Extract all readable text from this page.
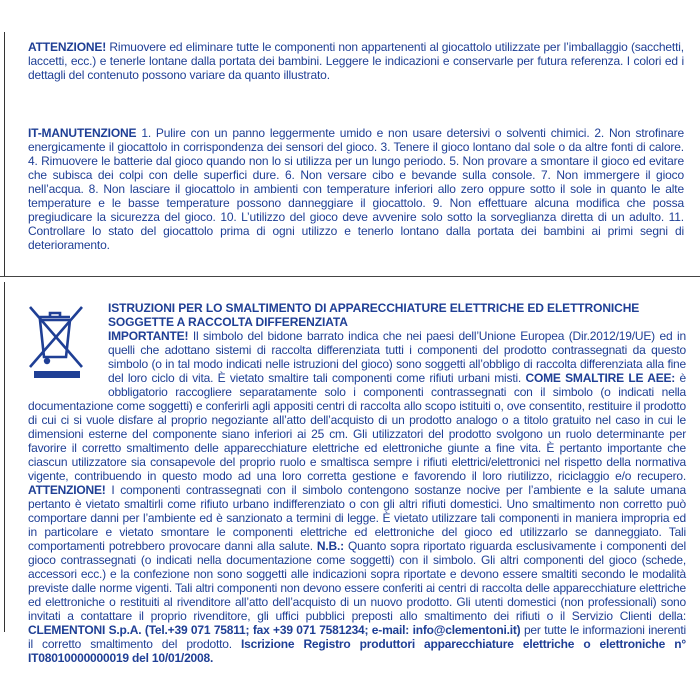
ATTENZIONE! Rimuovere ed eliminare tutte le componenti non appartenenti al giocattolo utilizzate per l’imballaggio (sacchetti, laccetti, ecc.) e tenerle lontane dalla portata dei bambini. Leggere le indicazioni e conservarle per futura referenza. I colori ed i dettagli del contenuto possono variare da quanto illustrato.
IT-MANUTENZIONE 1. Pulire con un panno leggermente umido e non usare detersivi o solventi chimici. 2. Non strofinare energicamente il giocattolo in corrispondenza dei sensori del gioco. 3. Tenere il gioco lontano dal sole o da altre fonti di calore. 4. Rimuovere le batterie dal gioco quando non lo si utilizza per un lungo periodo. 5. Non provare a smontare il gioco ed evitare che subisca dei colpi con delle superfici dure. 6. Non versare cibo e bevande sulla console. 7. Non immergere il gioco nell’acqua. 8. Non lasciare il giocattolo in ambienti con temperature inferiori allo zero oppure sotto il sole in quanto le alte temperature e le basse temperature possono danneggiare il giocattolo. 9. Non effettuare alcuna modifica che possa pregiudicare la sicurezza del gioco. 10. L’utilizzo del gioco deve avvenire solo sotto la sorveglianza diretta di un adulto. 11. Controllare lo stato del giocattolo prima di ogni utilizzo e tenerlo lontano dalla portata dei bambini ai primi segni di deterioramento.
ISTRUZIONI PER LO SMALTIMENTO DI APPARECCHIATURE ELETTRICHE ED ELETTRONICHE SOGGETTE A RACCOLTA DIFFERENZIATA
IMPORTANTE! Il simbolo del bidone barrato indica che nei paesi dell’Unione Europea (Dir.2012/19/UE) ed in quelli che adottano sistemi di raccolta differenziata tutti i componenti del prodotto contrassegnati da questo simbolo (o in tal modo indicati nelle istruzioni del gioco) sono soggetti all’obbligo di raccolta differenziata alla fine del loro ciclo di vita. È vietato smaltire tali componenti come rifiuti urbani misti. COME SMALTIRE LE AEE: è obbligatorio raccogliere separatamente solo i componenti contrassegnati con il simbolo (o indicati nella documentazione come soggetti) e conferirli agli appositi centri di raccolta allo scopo istituiti o, ove consentito, restituire il prodotto di cui ci si vuole disfare al proprio negoziante all’atto dell’acquisto di un prodotto analogo o a titolo gratuito nel caso in cui le dimensioni esterne del componente siano inferiori ai 25 cm. Gli utilizzatori del prodotto svolgono un ruolo determinante per favorire il corretto smaltimento delle apparecchiature elettriche ed elettroniche giunte a fine vita. È pertanto importante che ciascun utilizzatore sia consapevole del proprio ruolo e smaltisca sempre i rifiuti elettrici/elettronici nel rispetto della normativa vigente, contribuendo in questo modo ad una loro corretta gestione e favorendo il loro riutilizzo, riciclaggio e/o recupero. ATTENZIONE! I componenti contrassegnati con il simbolo contengono sostanze nocive per l’ambiente e la salute umana pertanto è vietato smaltirli come rifiuto urbano indifferenziato o con gli altri rifiuti domestici. Uno smaltimento non corretto può comportare danni per l’ambiente ed è sanzionato a termini di legge. È vietato utilizzare tali componenti in maniera impropria ed in particolare e vietato smontare le componenti elettriche ed elettroniche del gioco ed utilizzarlo se danneggiato. Tali comportamenti potrebbero provocare danni alla salute. N.B.: Quanto sopra riportato riguarda esclusivamente i componenti del gioco contrassegnati (o indicati nella documentazione come soggetti) con il simbolo. Gli altri componenti del gioco (schede, accessori ecc.) e la confezione non sono soggetti alle indicazioni sopra riportate e devono essere smaltiti secondo le modalità previste dalle norme vigenti. Tali altri componenti non devono essere conferiti ai centri di raccolta delle apparecchiature elettriche ed elettroniche o restituiti al rivenditore all’atto dell’acquisto di un nuovo prodotto. Gli utenti domestici (non professionali) sono invitati a contattare il proprio rivenditore, gli uffici pubblici preposti allo smaltimento dei rifiuti o il Servizio Clienti della: CLEMENTONI S.p.A. (Tel.+39 071 75811; fax +39 071 7581234; e-mail: info@clementoni.it) per tutte le informazioni inerenti il corretto smaltimento del prodotto. Iscrizione Registro produttori apparecchiature elettriche o elettroniche n° IT08010000000019 del 10/01/2008.
